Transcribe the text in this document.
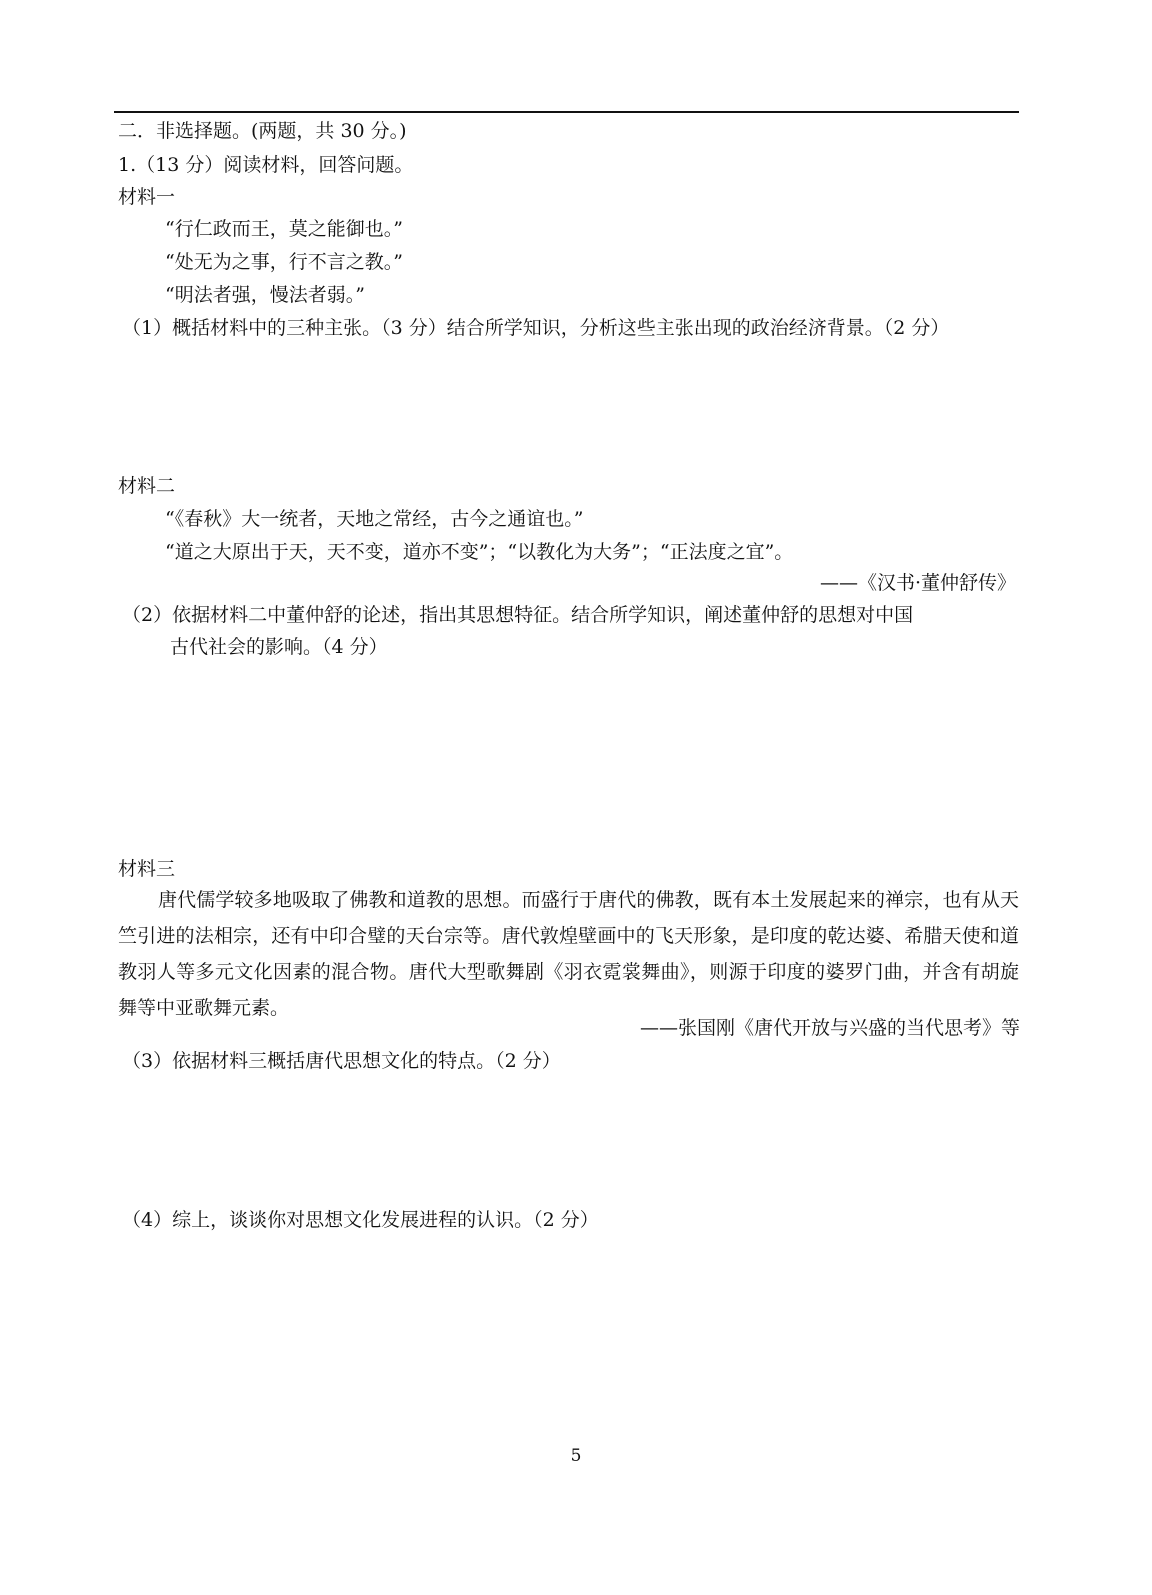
二．非选择题。(两题，共 30 分。)
1.（13 分）阅读材料，回答问题。
材料一
“行仁政而王，莫之能御也。”
“处无为之事，行不言之教。”
“明法者强，慢法者弱。”
（1）概括材料中的三种主张。（3 分）结合所学知识，分析这些主张出现的政治经济背景。（2 分）
材料二
“《春秋》大一统者，天地之常经，古今之通谊也。”
“道之大原出于天，天不变，道亦不变”；“以教化为大务”；“正法度之宜”。
——《汉书·董仲舒传》
（2）依据材料二中董仲舒的论述，指出其思想特征。结合所学知识，阐述董仲舒的思想对中国
古代社会的影响。（4 分）
材料三
唐代儒学较多地吸取了佛教和道教的思想。而盛行于唐代的佛教，既有本土发展起来的禅宗，也有从天竺引进的法相宗，还有中印合璧的天台宗等。唐代敦煌壁画中的飞天形象，是印度的乾达婆、希腊天使和道教羽人等多元文化因素的混合物。唐代大型歌舞剧《羽衣霓裳舞曲》，则源于印度的婆罗门曲，并含有胡旋舞等中亚歌舞元素。
——张国刚《唐代开放与兴盛的当代思考》等
（3）依据材料三概括唐代思想文化的特点。（2 分）
（4）综上，谈谈你对思想文化发展进程的认识。（2 分）
5
